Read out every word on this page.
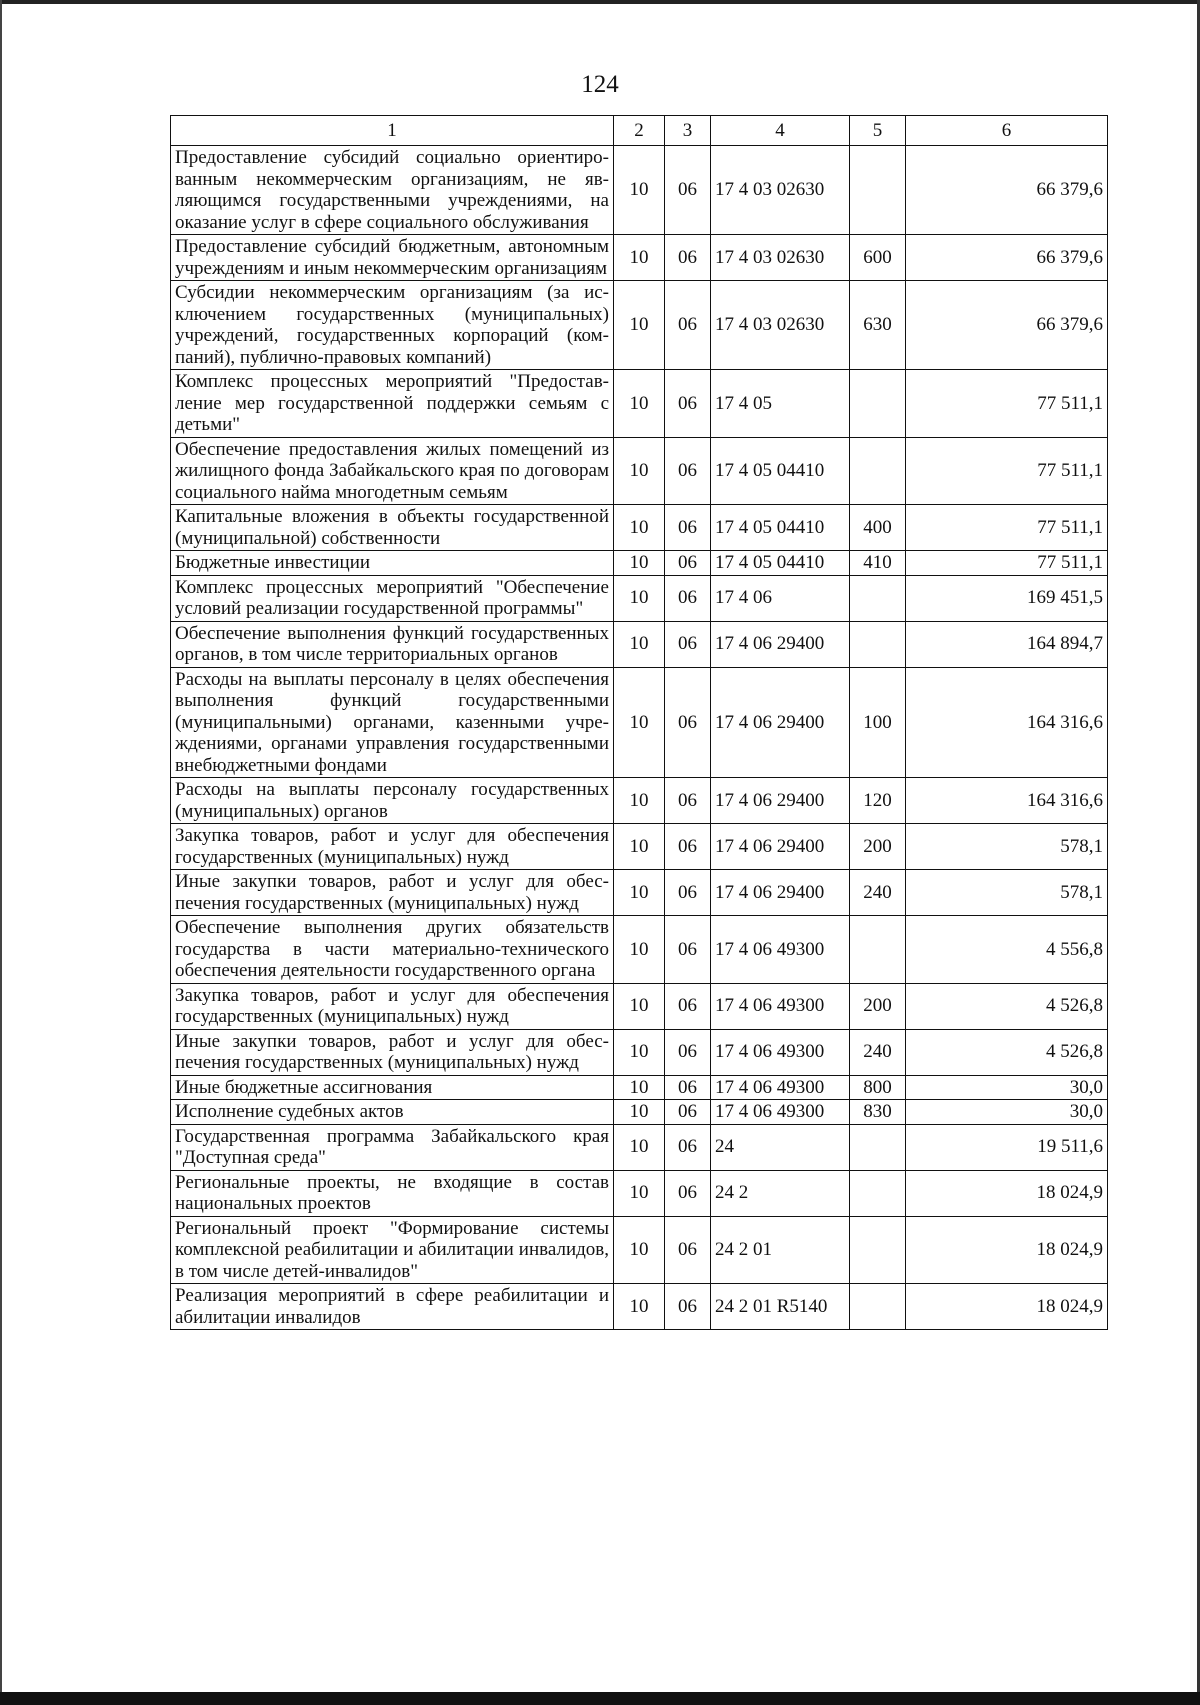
124
1	2	3	4	5	6
Предоставление субсидий социально ориентированным некоммерческим организациям, не являющимся государственными учреждениями, на оказание услуг в сфере социального обслуживания	10	06	17 4 03 02630		66 379,6
Предоставление субсидий бюджетным, автономным учреждениям и иным некоммерческим организациям	10	06	17 4 03 02630	600	66 379,6
Субсидии некоммерческим организациям (за исключением государственных (муниципальных) учреждений, государственных корпораций (компаний), публично-правовых компаний)	10	06	17 4 03 02630	630	66 379,6
Комплекс процессных мероприятий "Предоставление мер государственной поддержки семьям с детьми"	10	06	17 4 05		77 511,1
Обеспечение предоставления жилых помещений из жилищного фонда Забайкальского края по договорам социального найма многодетным семьям	10	06	17 4 05 04410		77 511,1
Капитальные вложения в объекты государственной (муниципальной) собственности	10	06	17 4 05 04410	400	77 511,1
Бюджетные инвестиции	10	06	17 4 05 04410	410	77 511,1
Комплекс процессных мероприятий "Обеспечение условий реализации государственной программы"	10	06	17 4 06		169 451,5
Обеспечение выполнения функций государственных органов, в том числе территориальных органов	10	06	17 4 06 29400		164 894,7
Расходы на выплаты персоналу в целях обеспечения выполнения функций государственными (муниципальными) органами, казенными учреждениями, органами управления государственными внебюджетными фондами	10	06	17 4 06 29400	100	164 316,6
Расходы на выплаты персоналу государственных (муниципальных) органов	10	06	17 4 06 29400	120	164 316,6
Закупка товаров, работ и услуг для обеспечения государственных (муниципальных) нужд	10	06	17 4 06 29400	200	578,1
Иные закупки товаров, работ и услуг для обеспечения государственных (муниципальных) нужд	10	06	17 4 06 29400	240	578,1
Обеспечение выполнения других обязательств государства в части материально-технического обеспечения деятельности государственного органа	10	06	17 4 06 49300		4 556,8
Закупка товаров, работ и услуг для обеспечения государственных (муниципальных) нужд	10	06	17 4 06 49300	200	4 526,8
Иные закупки товаров, работ и услуг для обеспечения государственных (муниципальных) нужд	10	06	17 4 06 49300	240	4 526,8
Иные бюджетные ассигнования	10	06	17 4 06 49300	800	30,0
Исполнение судебных актов	10	06	17 4 06 49300	830	30,0
Государственная программа Забайкальского края "Доступная среда"	10	06	24		19 511,6
Региональные проекты, не входящие в состав национальных проектов	10	06	24 2		18 024,9
Региональный проект "Формирование системы комплексной реабилитации и абилитации инвалидов, в том числе детей-инвалидов"	10	06	24 2 01		18 024,9
Реализация мероприятий в сфере реабилитации и абилитации инвалидов	10	06	24 2 01 R5140		18 024,9
